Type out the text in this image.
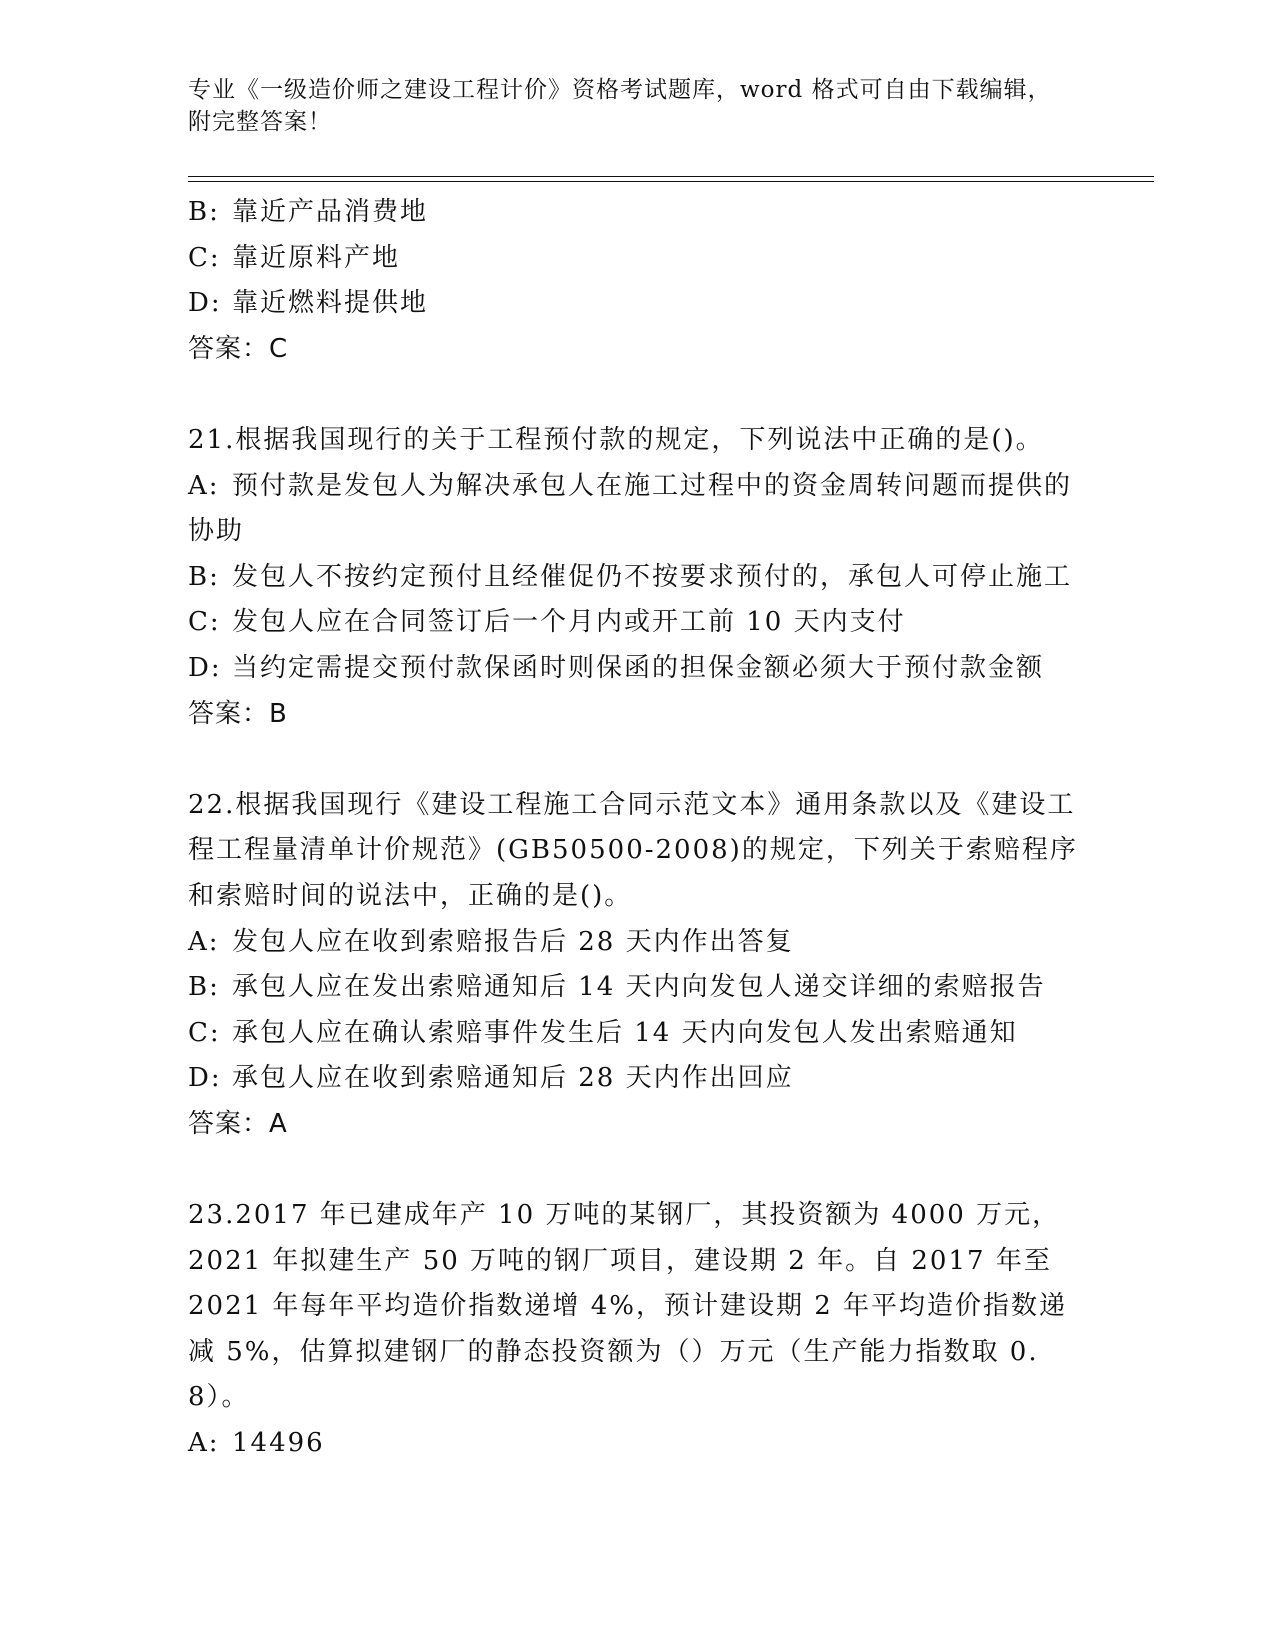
专业《一级造价师之建设工程计价》资格考试题库，word 格式可自由下载编辑，附完整答案！

B: 靠近产品消费地

C: 靠近原料产地

D: 靠近燃料提供地

答案：C

21.根据我国现行的关于工程预付款的规定，下列说法中正确的是()。

A: 预付款是发包人为解决承包人在施工过程中的资金周转问题而提供的协助

B: 发包人不按约定预付且经催促仍不按要求预付的，承包人可停止施工

C: 发包人应在合同签订后一个月内或开工前 10 天内支付

D: 当约定需提交预付款保函时则保函的担保金额必须大于预付款金额

答案：B

22.根据我国现行《建设工程施工合同示范文本》通用条款以及《建设工程工程量清单计价规范》(GB50500-2008)的规定，下列关于索赔程序和索赔时间的说法中，正确的是()。

A: 发包人应在收到索赔报告后 28 天内作出答复

B: 承包人应在发出索赔通知后 14 天内向发包人递交详细的索赔报告

C: 承包人应在确认索赔事件发生后 14 天内向发包人发出索赔通知

D: 承包人应在收到索赔通知后 28 天内作出回应

答案：A

23.2017 年已建成年产 10 万吨的某钢厂，其投资额为 4000 万元，2021 年拟建生产 50 万吨的钢厂项目，建设期 2 年。自 2017 年至 2021 年每年平均造价指数递增 4%，预计建设期 2 年平均造价指数递减 5%，估算拟建钢厂的静态投资额为（）万元（生产能力指数取 0.8）。

A: 14496
